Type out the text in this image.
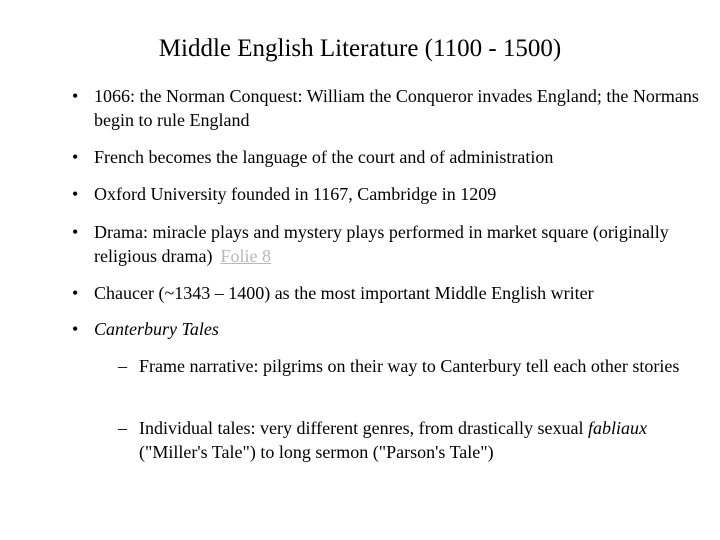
Middle English Literature (1100 - 1500)
• 1066: the Norman Conquest: William the Conqueror invades England; the Normans begin to rule England
• French becomes the language of the court and of administration
• Oxford University founded in 1167, Cambridge in 1209
• Drama: miracle plays and mystery plays performed in market square (originally religious drama) Folie 8
• Chaucer (~1343 – 1400) as the most important Middle English writer
• Canterbury Tales
– Frame narrative: pilgrims on their way to Canterbury tell each other stories
– Individual tales: very different genres, from drastically sexual fabliaux ("Miller's Tale") to long sermon ("Parson's Tale")
